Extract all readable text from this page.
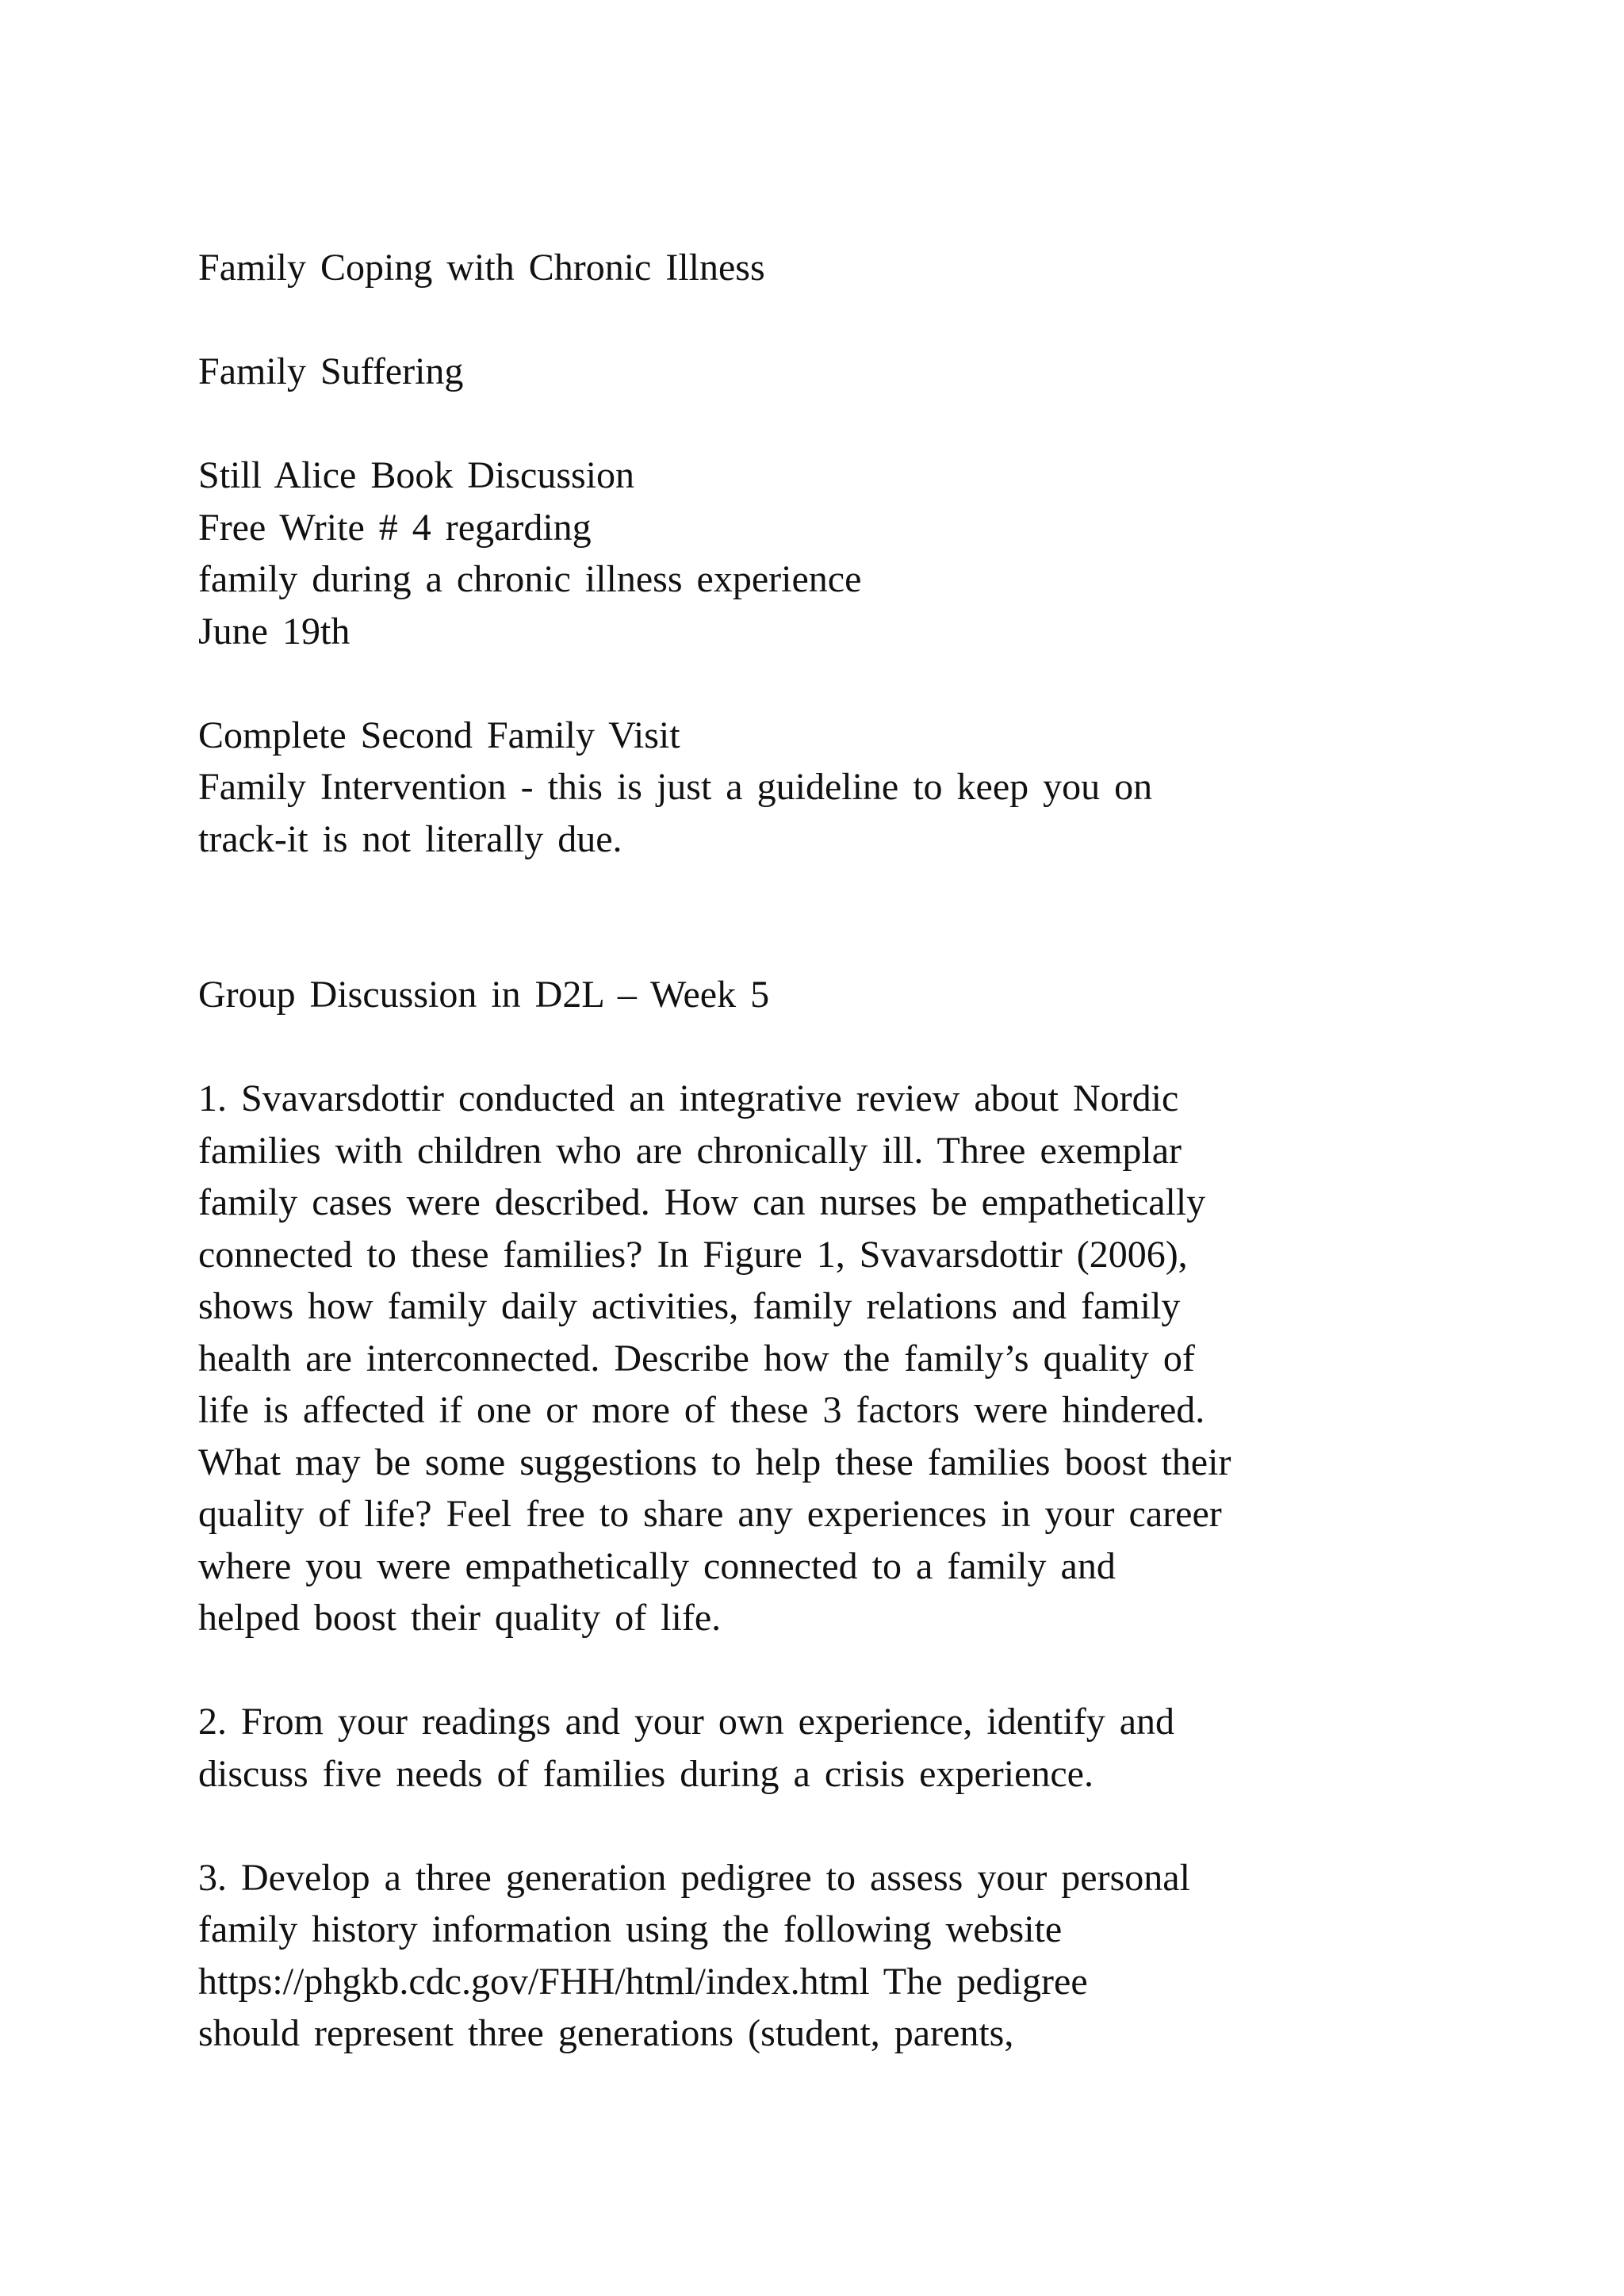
Family Coping with Chronic Illness
Family Suffering
Still Alice Book Discussion
Free Write # 4 regarding
family during a chronic illness experience
June 19th
Complete Second Family Visit
Family Intervention - this is just a guideline to keep you on
track-it is not literally due.
Group Discussion in D2L – Week 5
1. Svavarsdottir conducted an integrative review about Nordic
families with children who are chronically ill. Three exemplar
family cases were described. How can nurses be empathetically
connected to these families? In Figure 1, Svavarsdottir (2006),
shows how family daily activities, family relations and family
health are interconnected. Describe how the family’s quality of
life is affected if one or more of these 3 factors were hindered.
What may be some suggestions to help these families boost their
quality of life? Feel free to share any experiences in your career
where you were empathetically connected to a family and
helped boost their quality of life.
2. From your readings and your own experience, identify and
discuss five needs of families during a crisis experience.
3. Develop a three generation pedigree to assess your personal
family history information using the following website
https://phgkb.cdc.gov/FHH/html/index.html The pedigree
should represent three generations (student, parents,
